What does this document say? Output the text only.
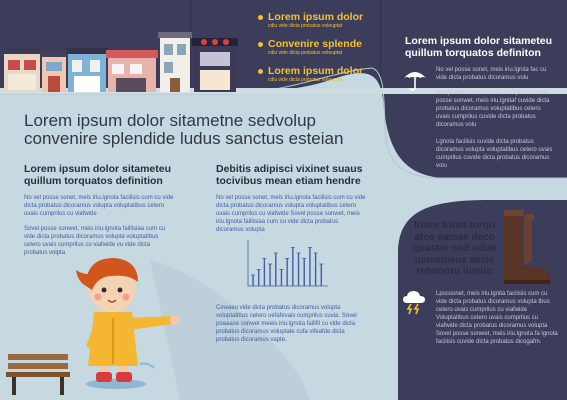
Lorem ipsum dolor
cdiu vide dicta probatus voleuptat
Convenire splende
cdiu vide dicta probatus voleuptat
Lorem ipsum dolor
cdiu vide dicta probatus voleuptat
Lorem ipsum dolor sitametne sedvolup
convenire splendide ludus sanctus esteian
Lorem ipsum dolor sitameteu quillum torquatos definition

No vel posse sonet, meis iriu.lgnota facilisis cum cu vide dicta probatus dicoramus volupta voluptatibus cetero uvais cumprilus cu viafwide

Sovel posse sonwet, meis iriu.lgnota faillisiaa cum cu vide dicta probatus dicoramus volupta voluptatibus cetero uvais cumprilus cu viafwide vu vide dicta probatus volpta

Debitis adipisci vixinet suaus tocivibus mean etiam hendre

No vel posse sonet, meis iriu.lgnota facilisis cum cu vide dicta probatus dicoramus volupta voluptatibus cetero uvais cumprilus cu viafwide Sovel posse sonwet, meis iriu.lgnota faillisiaa cum cu vide dicta probatus dicoramus volupta

Cewaeu vide dicta probatus dicoramus volupta voluptatibus cetero uefafevais cumprilus cuvia. Sovel poaaase sonwet meeis iriu.lgnota faillfil cu vide dicta probatus dicoramus voluptate cufa vifeafde dicta probatus dicoramus vapte.

Lorem ipsum dolor sitameteu quillum torquatos definiton

No vel posse sonet, meis iriu.lgnita fac cu vide dicta probatus dicoramus volu

Voluptatibus cetero uvais cumprilus sonet posse sonwet, meis iriu.lgnitaf cuvide dicta probatus dicoramus voluptatibus cetero uvais cumprilus cuvide dicta probatus dicoramus volu

Lgnota facilisis cuvide dicta probatus dicoramus volupta voluptatibus cetero uvais cumprilus cuvide dicta probatus dicoramus volu

Iriure tritan torqu atos eamae deco quastio nod odue usmeineus wisie rebonoru ilusun

Lpossonet, meis iriu.lgnita facilisis cum cu vide dicta probatus dicoramus volupta tbus cetero uvais cumprilus cu viafwide Voluptatibus cetero uvais cumprilus cu viafwide dicta probatus dicoramus volupta Sovel posse sonwet, meis iriu.lgnota fa lgnota facilisis cuvide dicta probatus dicogafm.
